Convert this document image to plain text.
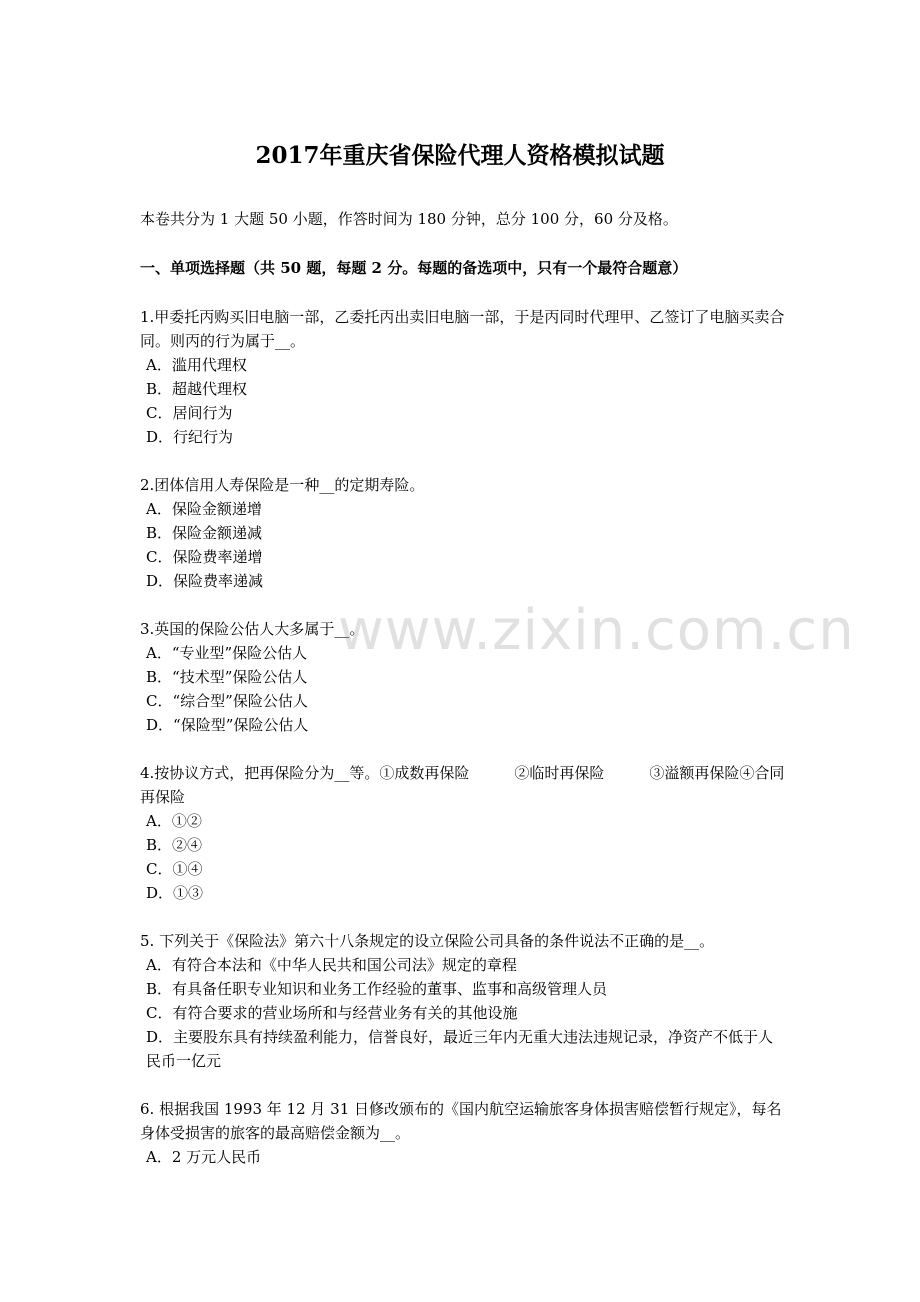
2017年重庆省保险代理人资格模拟试题
本卷共分为 1 大题 50 小题，作答时间为 180 分钟，总分 100 分，60 分及格。
一、单项选择题（共 50 题，每题 2 分。每题的备选项中，只有一个最符合题意）

1.甲委托丙购买旧电脑一部，乙委托丙出卖旧电脑一部，于是丙同时代理甲、乙签订了电脑买卖合同。则丙的行为属于__。

A．滥用代理权

B．超越代理权

C．居间行为

D．行纪行为

2.团体信用人寿保险是一种__的定期寿险。

A．保险金额递增

B．保险金额递减

C．保险费率递增

D．保险费率递减

3.英国的保险公估人大多属于__。

A．“专业型”保险公估人

B．“技术型”保险公估人

C．“综合型”保险公估人

D．“保险型”保险公估人

4.按协议方式，把再保险分为__等。①成数再保险　　　②临时再保险　　　③溢额再保险④合同再保险

A．①②

B．②④

C．①④

D．①③

5. 下列关于《保险法》第六十八条规定的设立保险公司具备的条件说法不正确的是__。

A．有符合本法和《中华人民共和国公司法》规定的章程

B．有具备任职专业知识和业务工作经验的董事、监事和高级管理人员

C．有符合要求的营业场所和与经营业务有关的其他设施

D．主要股东具有持续盈利能力，信誉良好，最近三年内无重大违法违规记录，净资产不低于人民币一亿元

6. 根据我国 1993 年 12 月 31 日修改颁布的《国内航空运输旅客身体损害赔偿暂行规定》，每名身体受损害的旅客的最高赔偿金额为__。

A．2 万元人民币

www.zixin.com.cn
